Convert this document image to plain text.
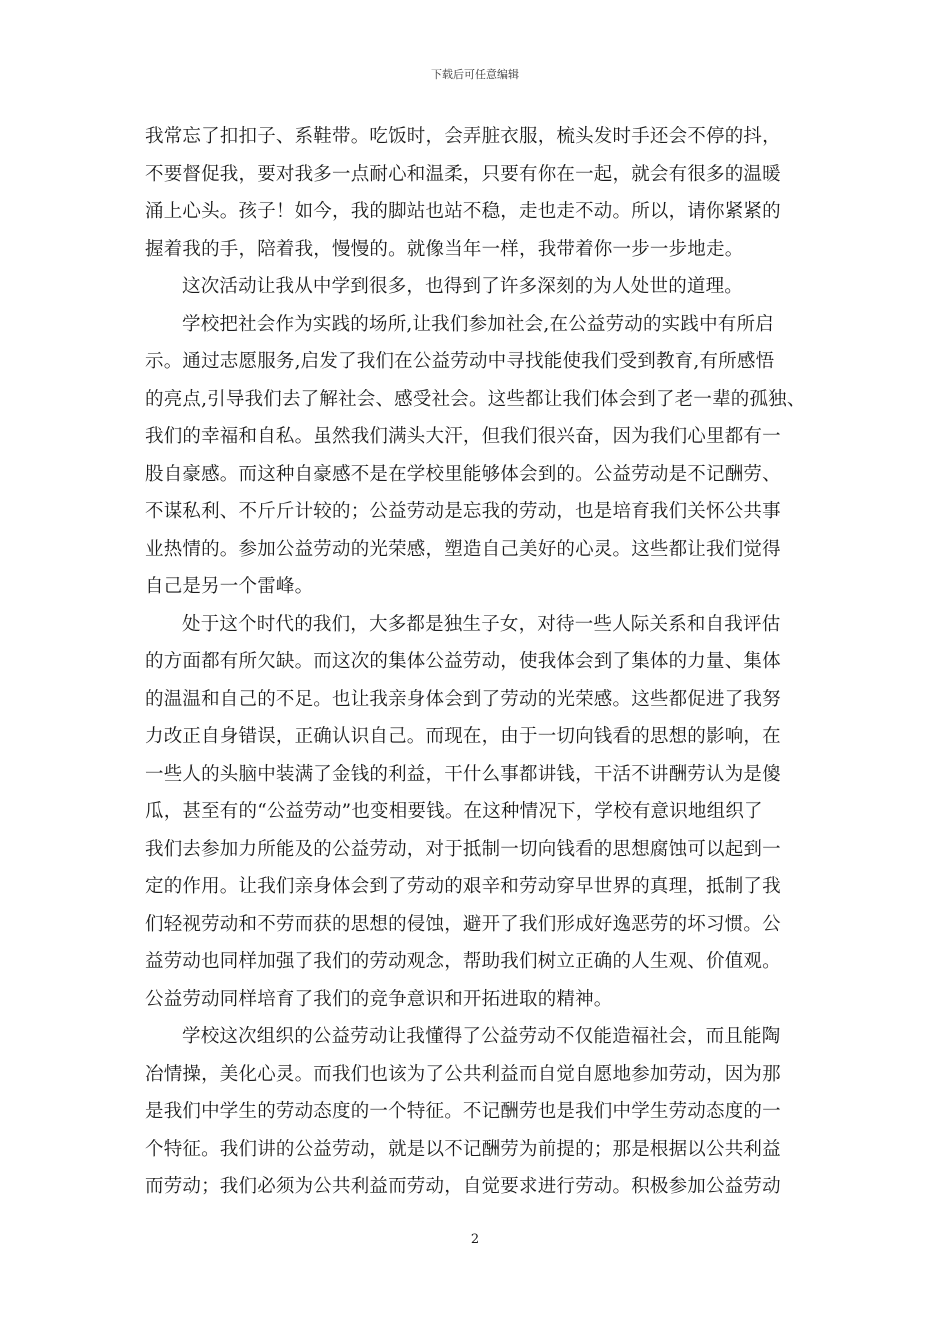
下载后可任意编辑
我常忘了扣扣子、系鞋带。吃饭时，会弄脏衣服，梳头发时手还会不停的抖，
不要督促我，要对我多一点耐心和温柔，只要有你在一起，就会有很多的温暖
涌上心头。孩子！如今，我的脚站也站不稳，走也走不动。所以，请你紧紧的
握着我的手，陪着我，慢慢的。就像当年一样，我带着你一步一步地走。
这次活动让我从中学到很多，也得到了许多深刻的为人处世的道理。
学校把社会作为实践的场所,让我们参加社会,在公益劳动的实践中有所启
示。通过志愿服务,启发了我们在公益劳动中寻找能使我们受到教育,有所感悟
的亮点,引导我们去了解社会、感受社会。这些都让我们体会到了老一辈的孤独、
我们的幸福和自私。虽然我们满头大汗，但我们很兴奋，因为我们心里都有一
股自豪感。而这种自豪感不是在学校里能够体会到的。公益劳动是不记酬劳、
不谋私利、不斤斤计较的；公益劳动是忘我的劳动，也是培育我们关怀公共事
业热情的。参加公益劳动的光荣感，塑造自己美好的心灵。这些都让我们觉得
自己是另一个雷峰。
处于这个时代的我们，大多都是独生子女，对待一些人际关系和自我评估
的方面都有所欠缺。而这次的集体公益劳动，使我体会到了集体的力量、集体
的温温和自己的不足。也让我亲身体会到了劳动的光荣感。这些都促进了我努
力改正自身错误，正确认识自己。而现在，由于一切向钱看的思想的影响，在
一些人的头脑中装满了金钱的利益，干什么事都讲钱，干活不讲酬劳认为是傻
瓜，甚至有的“公益劳动”也变相要钱。在这种情况下，学校有意识地组织了
我们去参加力所能及的公益劳动，对于抵制一切向钱看的思想腐蚀可以起到一
定的作用。让我们亲身体会到了劳动的艰辛和劳动穿早世界的真理，抵制了我
们轻视劳动和不劳而获的思想的侵蚀，避开了我们形成好逸恶劳的坏习惯。公
益劳动也同样加强了我们的劳动观念，帮助我们树立正确的人生观、价值观。
公益劳动同样培育了我们的竞争意识和开拓进取的精神。
学校这次组织的公益劳动让我懂得了公益劳动不仅能造福社会，而且能陶
冶情操，美化心灵。而我们也该为了公共利益而自觉自愿地参加劳动，因为那
是我们中学生的劳动态度的一个特征。不记酬劳也是我们中学生劳动态度的一
个特征。我们讲的公益劳动，就是以不记酬劳为前提的；那是根据以公共利益
而劳动；我们必须为公共利益而劳动，自觉要求进行劳动。积极参加公益劳动
2
